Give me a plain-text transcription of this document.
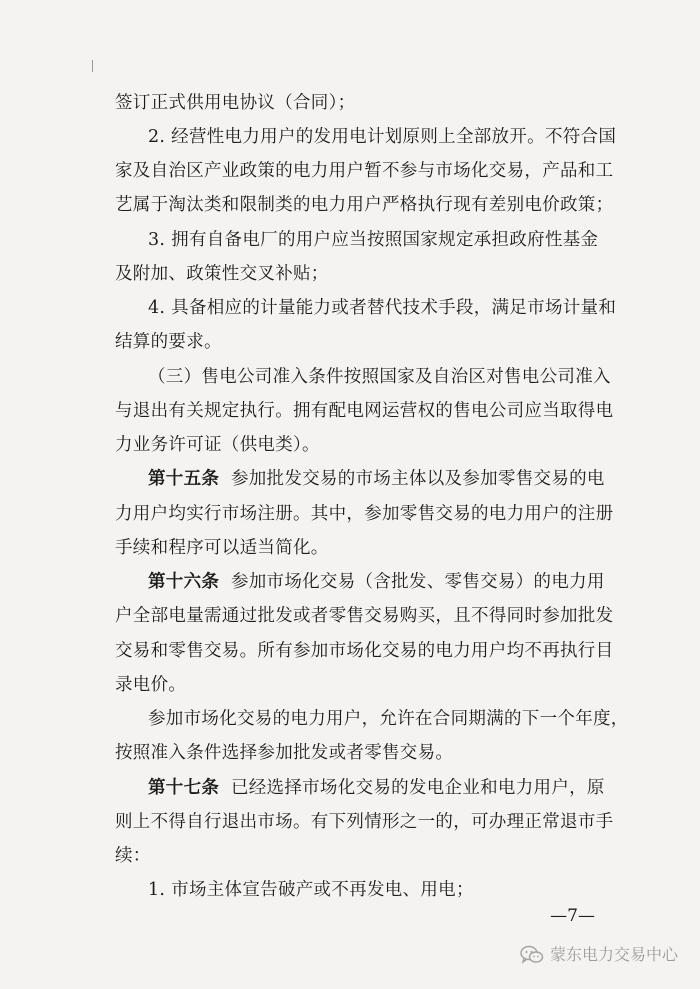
签订正式供用电协议（合同）；
2. 经营性电力用户的发用电计划原则上全部放开。不符合国
家及自治区产业政策的电力用户暂不参与市场化交易，产品和工
艺属于淘汰类和限制类的电力用户严格执行现有差别电价政策；
3. 拥有自备电厂的用户应当按照国家规定承担政府性基金
及附加、政策性交叉补贴；
4. 具备相应的计量能力或者替代技术手段，满足市场计量和
结算的要求。
（三）售电公司准入条件按照国家及自治区对售电公司准入
与退出有关规定执行。拥有配电网运营权的售电公司应当取得电
力业务许可证（供电类）。
第十五条 参加批发交易的市场主体以及参加零售交易的电
力用户均实行市场注册。其中，参加零售交易的电力用户的注册
手续和程序可以适当简化。
第十六条 参加市场化交易（含批发、零售交易）的电力用
户全部电量需通过批发或者零售交易购买，且不得同时参加批发
交易和零售交易。所有参加市场化交易的电力用户均不再执行目
录电价。
参加市场化交易的电力用户，允许在合同期满的下一个年度，
按照准入条件选择参加批发或者零售交易。
第十七条 已经选择市场化交易的发电企业和电力用户，原
则上不得自行退出市场。有下列情形之一的，可办理正常退市手
续：
1. 市场主体宣告破产或不再发电、用电；
—7—
蒙东电力交易中心
